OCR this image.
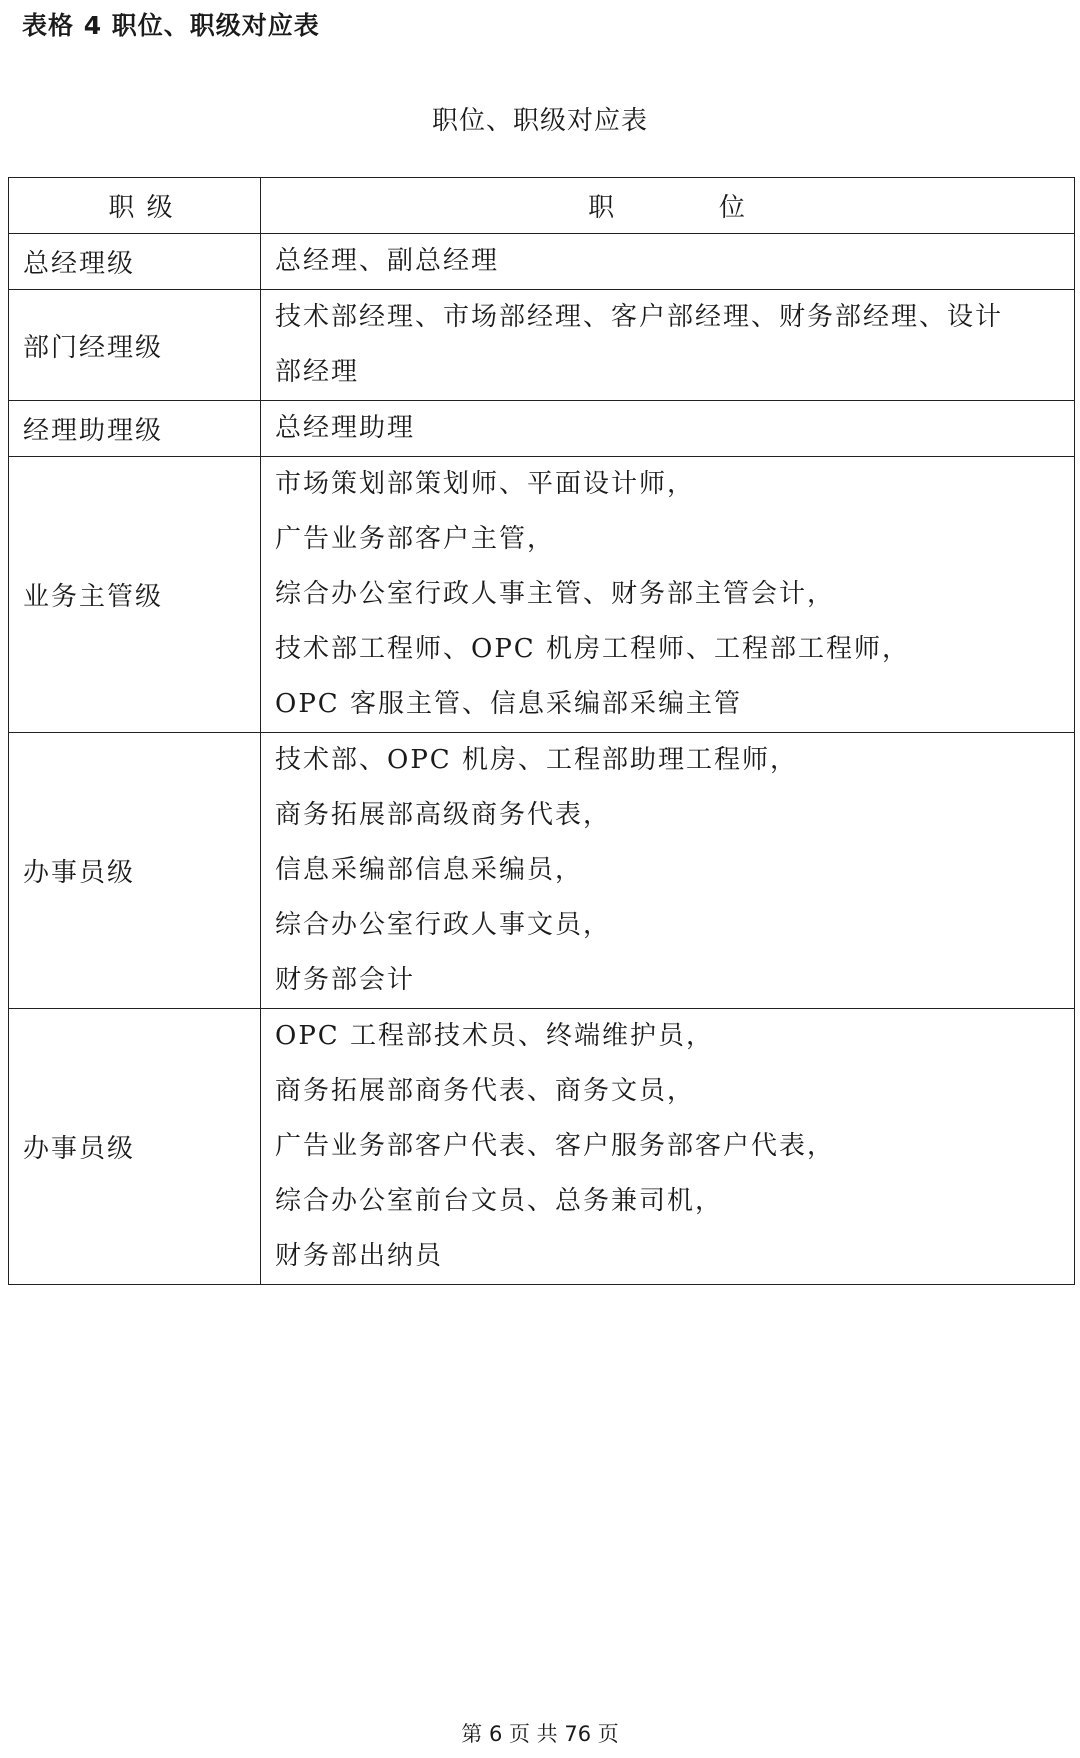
表格 4 职位、职级对应表
职位、职级对应表
职 级	职          位
总经理级	总经理、副总经理

部门经理级	技术部经理、市场部经理、客户部经理、财务部经理、设计
部经理

经理助理级	总经理助理

业务主管级	市场策划部策划师、平面设计师，
广告业务部客户主管，
综合办公室行政人事主管、财务部主管会计，
技术部工程师、OPC 机房工程师、工程部工程师，
OPC 客服主管、信息采编部采编主管

办事员级	技术部、OPC 机房、工程部助理工程师，
商务拓展部高级商务代表，
信息采编部信息采编员，
综合办公室行政人事文员，
财务部会计

办事员级	OPC 工程部技术员、终端维护员，
商务拓展部商务代表、商务文员，
广告业务部客户代表、客户服务部客户代表，
综合办公室前台文员、总务兼司机，
财务部出纳员
第 6 页 共 76 页
